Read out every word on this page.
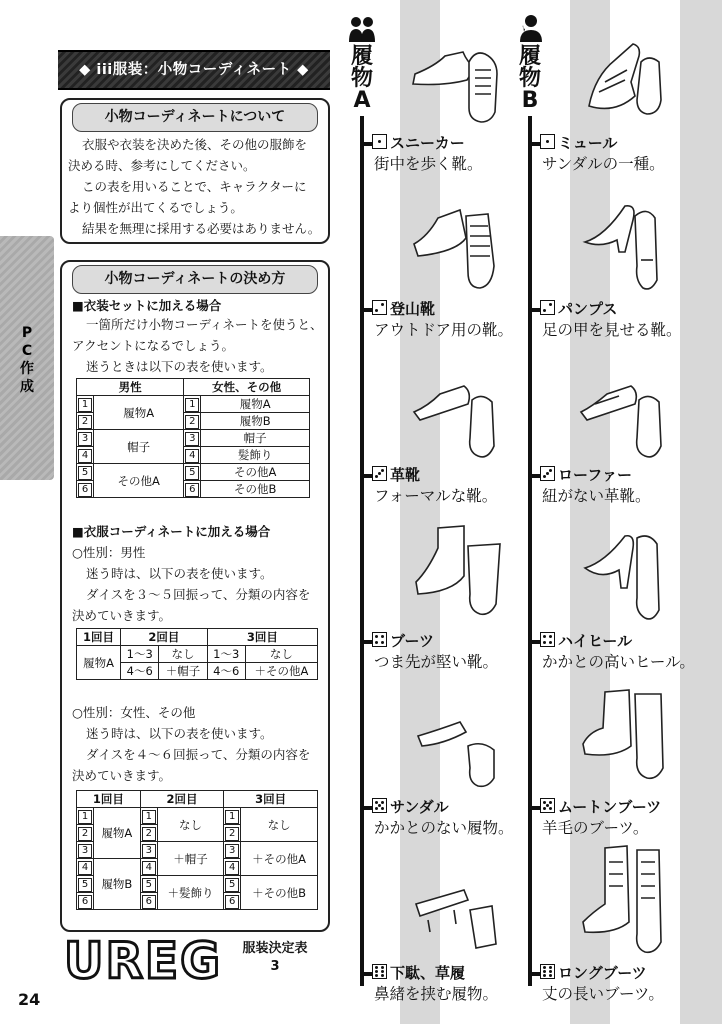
P
C
作
成
◆ iii服装：小物コーディネート ◆
小物コーディネートについて
衣服や衣装を決めた後、その他の服飾を
決める時、参考にしてください。
この表を用いることで、キャラクターに
より個性が出てくるでしょう。
結果を無理に採用する必要はありません。
小物コーディネートの決め方
■衣装セットに加える場合
一箇所だけ小物コーディネートを使うと、
アクセントになるでしょう。
迷うときは以下の表を使います。
男性		女性、その他	
1	履物A	1	履物A
2		2	履物B
3	帽子	3	帽子
4		4	髪飾り
5	その他A	5	その他A
6		6	その他B
■衣服コーディネートに加える場合
○性別：男性
迷う時は、以下の表を使います。
ダイスを３～５回振って、分類の内容を
決めていきます。
1回目	2回目		3回目	
履物A	1～3	なし	1～3	なし
	4～6	＋帽子	4～6	＋その他A
○性別：女性、その他
迷う時は、以下の表を使います。
ダイスを４～６回振って、分類の内容を
決めていきます。
1回目		2回目		3回目	
1	履物A	1	なし	1	なし
2		2		2	
3		3	＋帽子	3	＋その他A
4	履物B	4		4	
5		5	＋髪飾り	5	＋その他B
6		6		6	
UREG	服装決定表
3
24
履
物
A
履
物
B
スニーカー
街中を歩く靴。
登山靴
アウトドア用の靴。
革靴
フォーマルな靴。
ブーツ
つま先が堅い靴。
サンダル
かかとのない履物。
下駄、草履
鼻緒を挟む履物。
ミュール
サンダルの一種。
パンプス
足の甲を見せる靴。
ローファー
紐がない革靴。
ハイヒール
かかとの高いヒール。
ムートンブーツ
羊毛のブーツ。
ロングブーツ
丈の長いブーツ。
